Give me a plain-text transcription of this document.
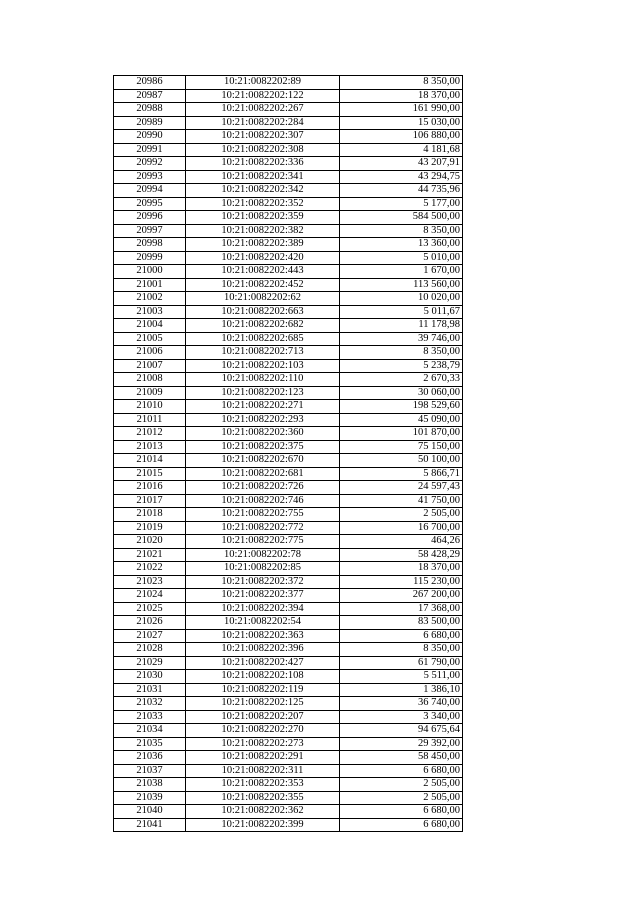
20986	10:21:0082202:89	8 350,00
20987	10:21:0082202:122	18 370,00
20988	10:21:0082202:267	161 990,00
20989	10:21:0082202:284	15 030,00
20990	10:21:0082202:307	106 880,00
20991	10:21:0082202:308	4 181,68
20992	10:21:0082202:336	43 207,91
20993	10:21:0082202:341	43 294,75
20994	10:21:0082202:342	44 735,96
20995	10:21:0082202:352	5 177,00
20996	10:21:0082202:359	584 500,00
20997	10:21:0082202:382	8 350,00
20998	10:21:0082202:389	13 360,00
20999	10:21:0082202:420	5 010,00
21000	10:21:0082202:443	1 670,00
21001	10:21:0082202:452	113 560,00
21002	10:21:0082202:62	10 020,00
21003	10:21:0082202:663	5 011,67
21004	10:21:0082202:682	11 178,98
21005	10:21:0082202:685	39 746,00
21006	10:21:0082202:713	8 350,00
21007	10:21:0082202:103	5 238,79
21008	10:21:0082202:110	2 670,33
21009	10:21:0082202:123	30 060,00
21010	10:21:0082202:271	198 529,60
21011	10:21:0082202:293	45 090,00
21012	10:21:0082202:360	101 870,00
21013	10:21:0082202:375	75 150,00
21014	10:21:0082202:670	50 100,00
21015	10:21:0082202:681	5 866,71
21016	10:21:0082202:726	24 597,43
21017	10:21:0082202:746	41 750,00
21018	10:21:0082202:755	2 505,00
21019	10:21:0082202:772	16 700,00
21020	10:21:0082202:775	464,26
21021	10:21:0082202:78	58 428,29
21022	10:21:0082202:85	18 370,00
21023	10:21:0082202:372	115 230,00
21024	10:21:0082202:377	267 200,00
21025	10:21:0082202:394	17 368,00
21026	10:21:0082202:54	83 500,00
21027	10:21:0082202:363	6 680,00
21028	10:21:0082202:396	8 350,00
21029	10:21:0082202:427	61 790,00
21030	10:21:0082202:108	5 511,00
21031	10:21:0082202:119	1 386,10
21032	10:21:0082202:125	36 740,00
21033	10:21:0082202:207	3 340,00
21034	10:21:0082202:270	94 675,64
21035	10:21:0082202:273	29 392,00
21036	10:21:0082202:291	58 450,00
21037	10:21:0082202:311	6 680,00
21038	10:21:0082202:353	2 505,00
21039	10:21:0082202:355	2 505,00
21040	10:21:0082202:362	6 680,00
21041	10:21:0082202:399	6 680,00
